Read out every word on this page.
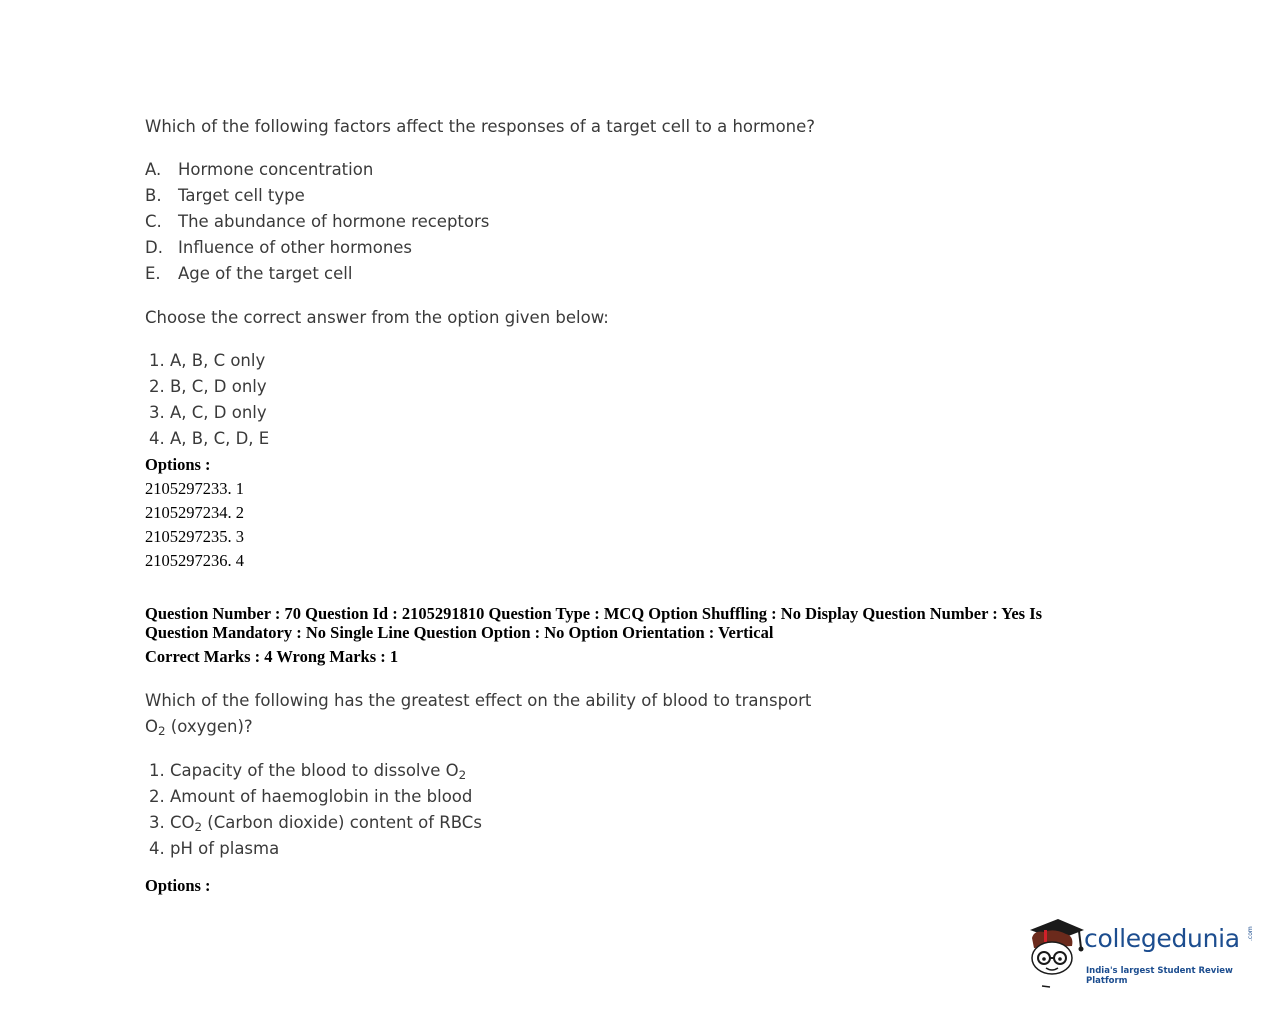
Which of the following factors affect the responses of a target cell to a hormone?
A. Hormone concentration
B. Target cell type
C. The abundance of hormone receptors
D. Influence of other hormones
E. Age of the target cell
Choose the correct answer from the option given below:
1. A, B, C only
2. B, C, D only
3. A, C, D only
4. A, B, C, D, E
Options :
2105297233. 1
2105297234. 2
2105297235. 3
2105297236. 4
Question Number : 70 Question Id : 2105291810 Question Type : MCQ Option Shuffling : No Display Question Number : Yes Is
Question Mandatory : No Single Line Question Option : No Option Orientation : Vertical
Correct Marks : 4 Wrong Marks : 1
Which of the following has the greatest effect on the ability of blood to transport
$O_2$ (oxygen)?
1. Capacity of the blood to dissolve $O_2$
2. Amount of haemoglobin in the blood
3. $CO_2$ (Carbon dioxide) content of RBCs
4. pH of plasma
Options :
collegedunia .com
India's largest Student Review Platform
